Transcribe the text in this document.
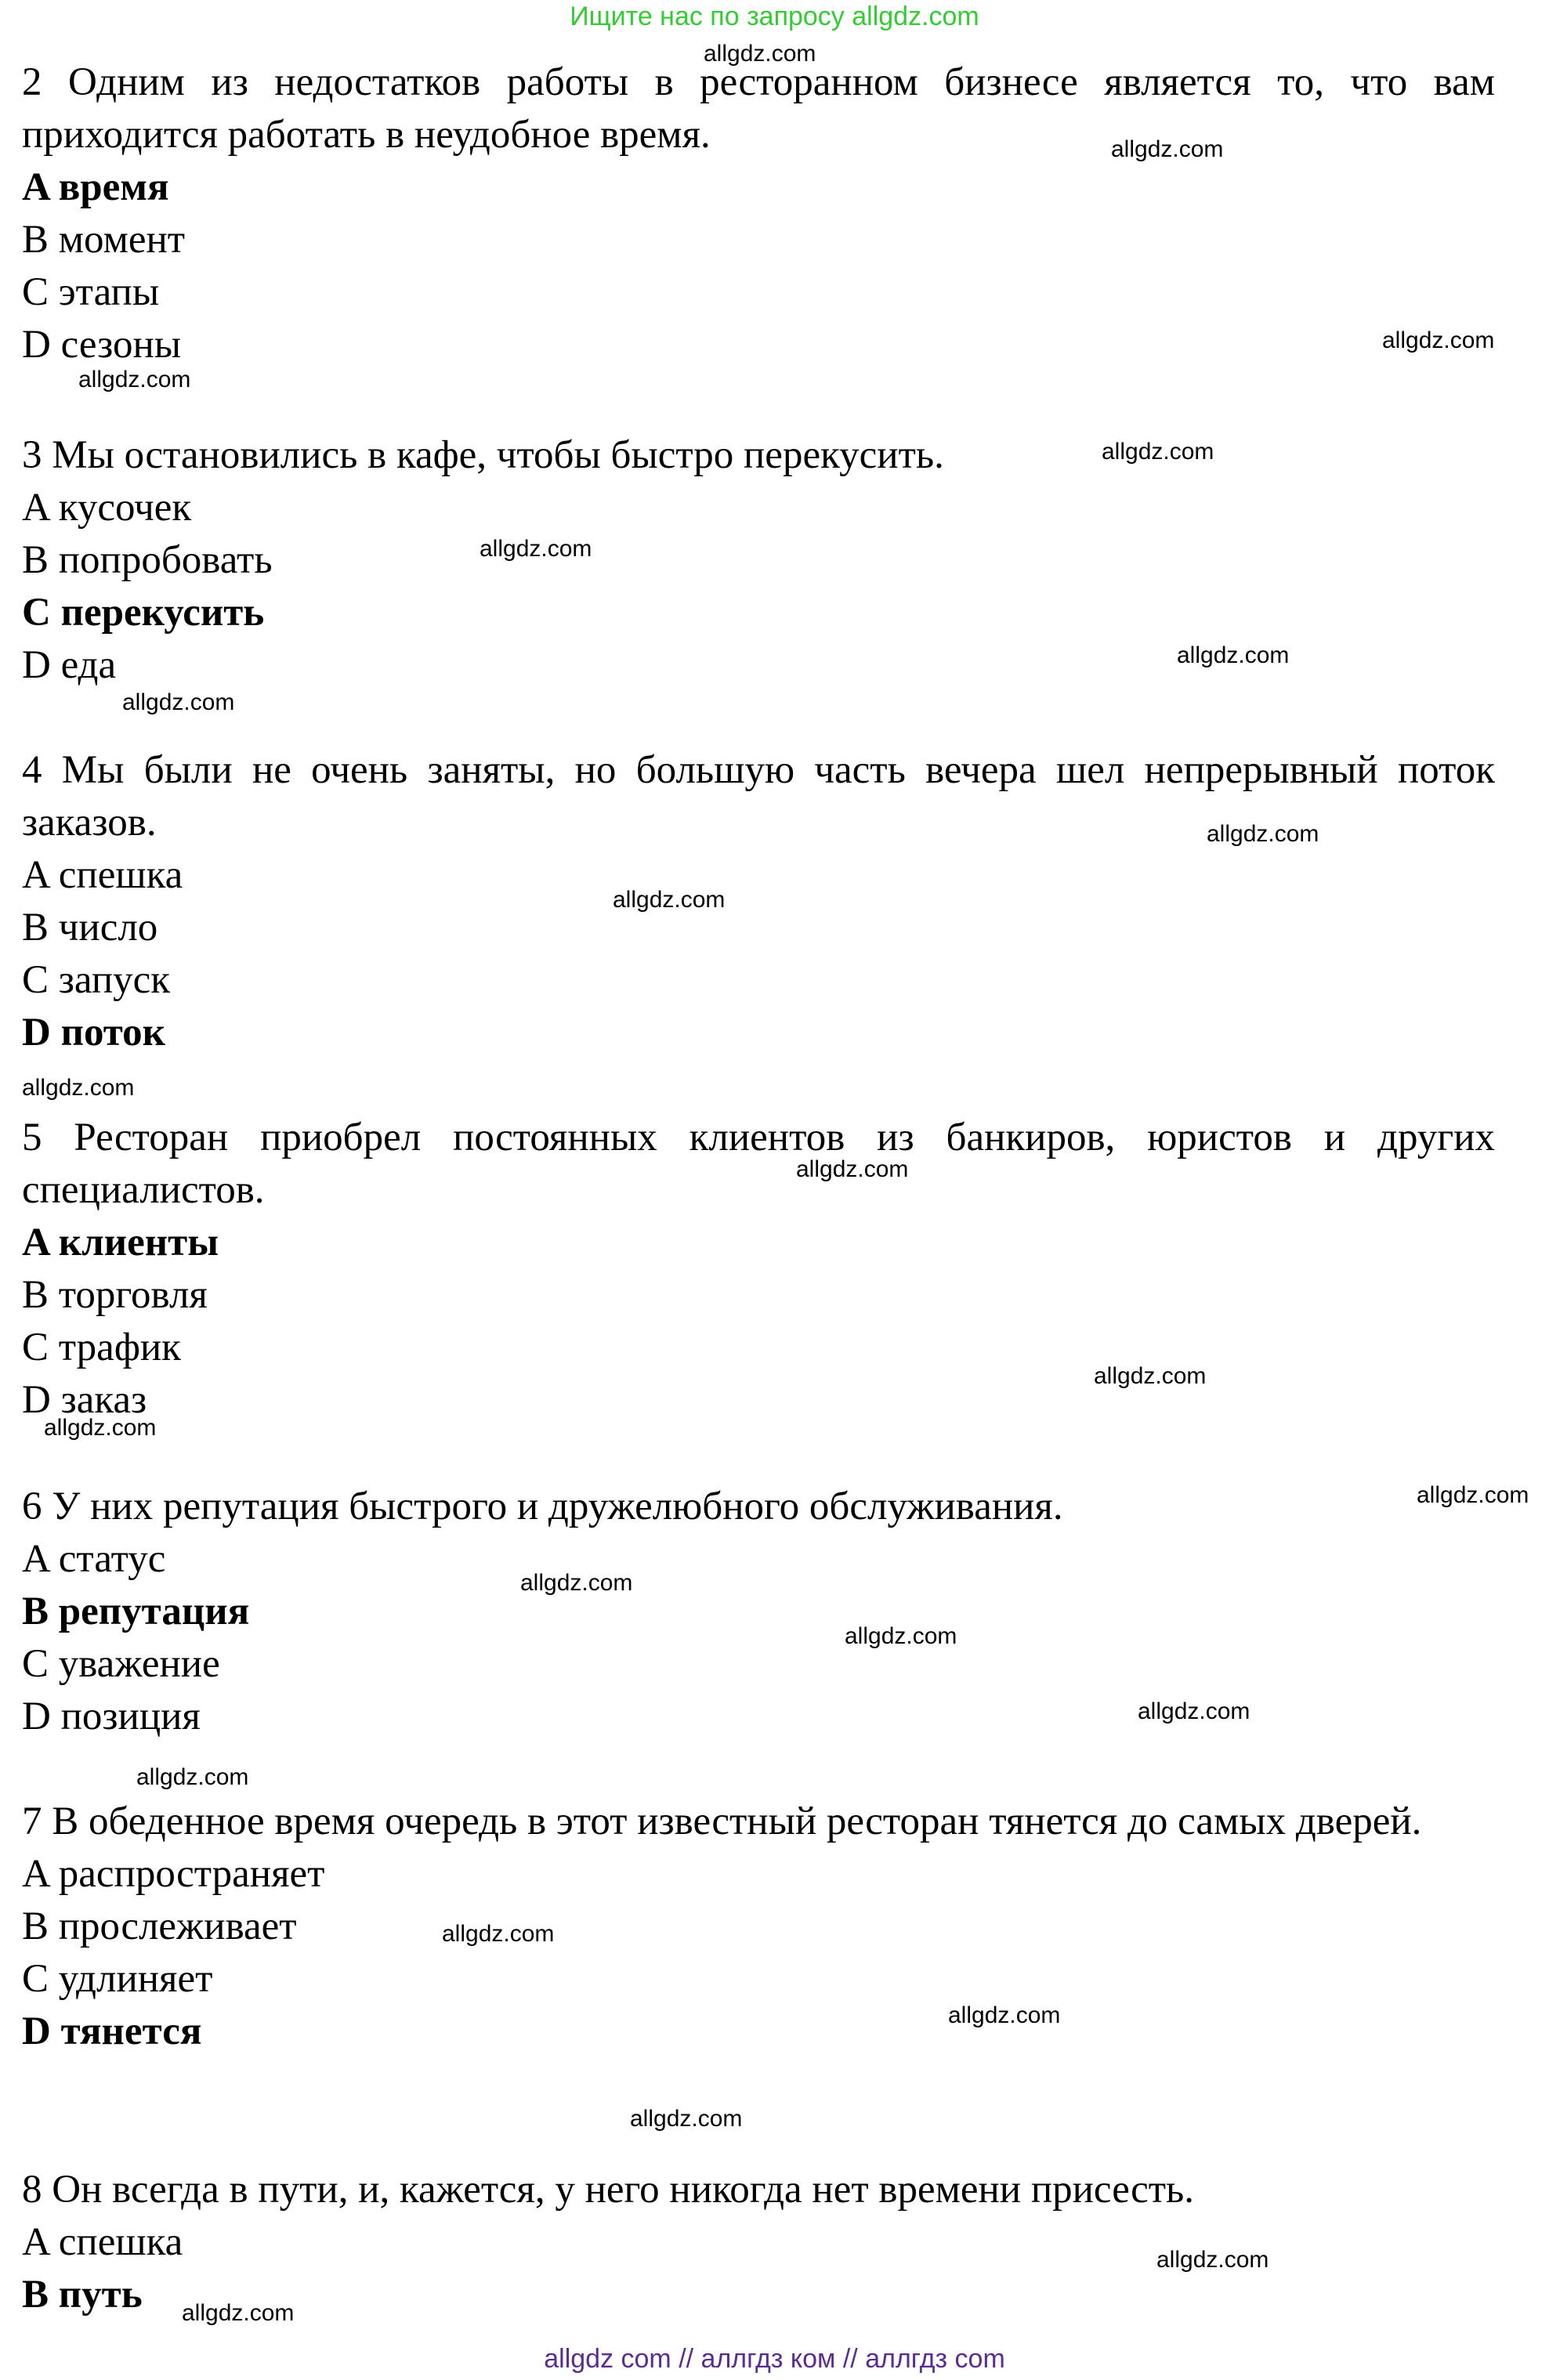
Ищите нас по запросу allgdz.com

2 Одним из недостатков работы в ресторанном бизнесе является то, что вам приходится работать в неудобное время.

A время

B момент

C этапы

D сезоны

3 Мы остановились в кафе, чтобы быстро перекусить.

A кусочек

B попробовать

C перекусить

D еда

4 Мы были не очень заняты, но большую часть вечера шел непрерывный поток заказов.

A спешка

B число

C запуск

D поток

5 Ресторан приобрел постоянных клиентов из банкиров, юристов и других специалистов.

A клиенты

B торговля

C трафик

D заказ

6 У них репутация быстрого и дружелюбного обслуживания.

A статус

B репутация

C уважение

D позиция

7 В обеденное время очередь в этот известный ресторан тянется до самых дверей.

A распространяет

B прослеживает

C удлиняет

D тянется

8 Он всегда в пути, и, кажется, у него никогда нет времени присесть.

A спешка

B путь

allgdz.com
allgdz.com
allgdz.com
allgdz.com
allgdz.com
allgdz.com
allgdz.com
allgdz.com
allgdz.com
allgdz.com
allgdz.com
allgdz.com
allgdz.com
allgdz.com
allgdz.com
allgdz.com
allgdz.com
allgdz.com
allgdz.com
allgdz.com
allgdz.com
allgdz.com
allgdz.com
allgdz.com
allgdz com // аллгдз ком // аллгдз com
